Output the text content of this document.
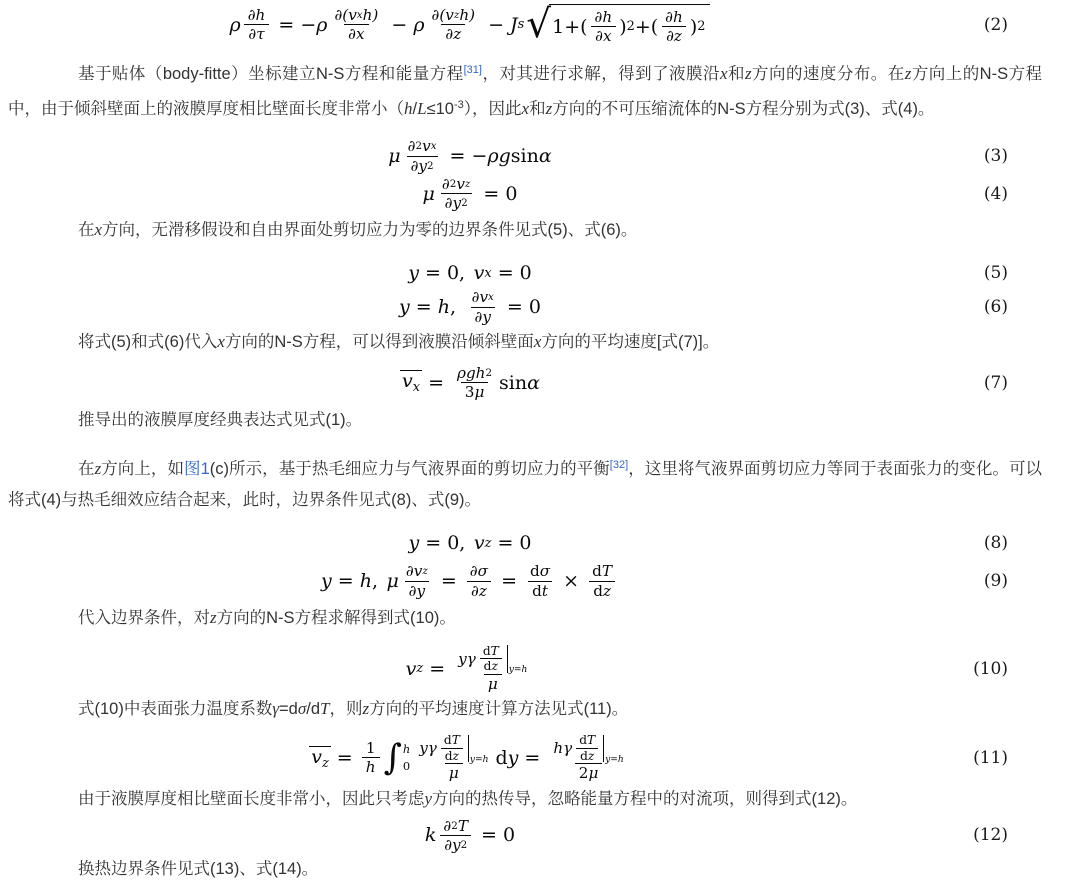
ρ $\frac{\partial h}{\partial\tau}$ = − ρ ∂(v x h)
∂x − ρ ∂(v z h)
∂z − J s √ 1+ ( $\frac{\partial h}{\partial x}$ ) 2 + ( $\frac{\partial h}{\partial z}$ ) 2	(2)

基于贴体（body-fitte）坐标建立N-S方程和能量方程[31]，对其进行求解，得到了液膜沿x和z方向的速度分布。在z方向上的N-S方程中，由于倾斜壁面上的液膜厚度相比壁面长度非常小$(h/L\le 10^{-3})$，因此x和z方向的不可压缩流体的N-S方程分别为式(3)、式(4)。

μ $\frac{\text{∂ 2 v x}}{\partial y 2}$ = − ρg sin α	(3)
μ $\frac{\text{∂ 2 v z}}{\partial y 2} = 0$	(4)

在x方向，无滑移假设和自由界面处剪切应力为零的边界条件见式(5)、式(6)。

y = 0, v x = 0	(5)
y = h , $\frac{\text{∂v x}}{\partial y} = 0$	(6)

将式(5)和式(6)代入x方向的N-S方程，可以得到液膜沿倾斜壁面x方向的平均速度[式(7)]。

$v_x = \rho gh$ 2
3 μ sin α	(7)

推导出的液膜厚度经典表达式见式(1)。

在z方向上，如图1(c)所示，基于热毛细应力与气液界面的剪切应力的平衡[32]，这里将气液界面剪切应力等同于表面张力的变化。可以将式(4)与热毛细效应结合起来，此时，边界条件见式(8)、式(9)。

y = 0, v z = 0	(8)
y = h , μ $\frac{\text{∂v z}}{\partial y} = \frac{\partial\sigma}{\partial z} = \frac{\text{d σ}}{\text{d t}} \times \frac{\text{d T}}{\text{d z}}$	(9)

代入边界条件，对z方向的N-S方程求解得到式(10)。

v z = yγ $\frac{\text{d T}}{\text{d z}} y=h$
μ
(10)

式(10)中表面张力温度系数γ=dσ/dT，则z方向的平均速度计算方法见式(11)。

$v_z = \frac{1}{h}$ ∫ h
0
yγ $\frac{\text{d T}}{\text{d z}} y=h$
μ
d y = hγ $\frac{\text{d T}}{\text{d z}} y=h$
2 μ
(11)

由于液膜厚度相比壁面长度非常小，因此只考虑y方向的热传导，忽略能量方程中的对流项，则得到式(12)。

k $\frac{\partial 2 T}{\partial y 2} = 0$	(12)

换热边界条件见式(13)、式(14)。
